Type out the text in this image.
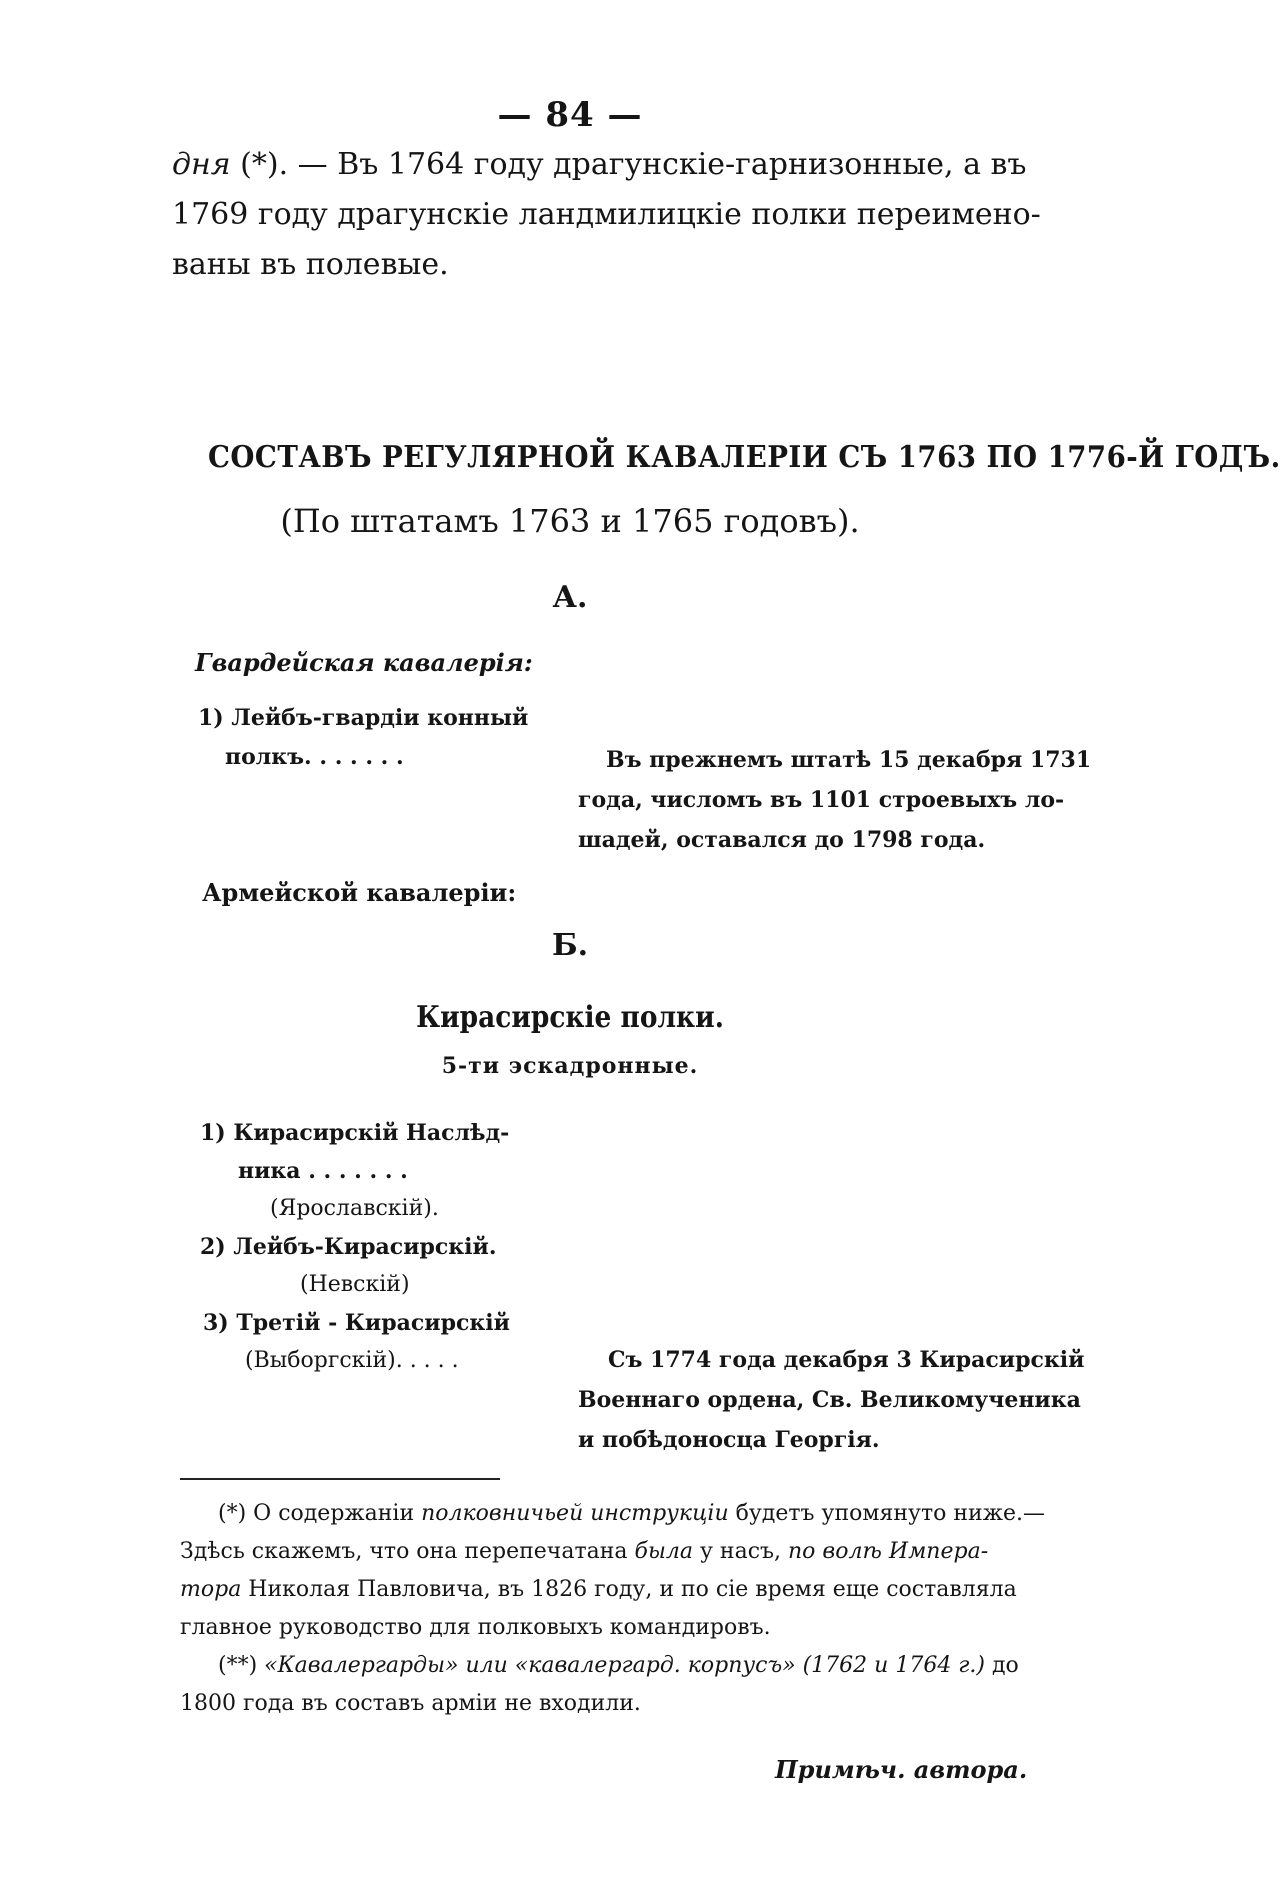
— 84 —
дня (*). — Въ 1764 году драгунскіе-гарнизонные, а въ
1769 году драгунскіе ландмилицкіе полки переимено-
ваны въ полевые.
СОСТАВЪ РЕГУЛЯРНОЙ КАВАЛЕРІИ СЪ 1763 ПО 1776-Й ГОДЪ.
(По штатамъ 1763 и 1765 годовъ).
А.
Гвардейская кавалерія:
1) Лейбъ-гвардіи конный
полкъ. . . . . . .	Въ прежнемъ штатѣ 15 декабря 1731
года, числомъ въ 1101 строевыхъ ло-
шадей, оставался до 1798 года.
Армейской кавалеріи:
Б.
Кирасирскіе полки.
5-ти эскадронные.
1) Кирасирскій Наслѣд-
ника . . . . . . .
(Ярославскій).
2) Лейбъ-Кирасирскій.
(Невскій)
3) Третій - Кирасирскій
(Выборгскій). . . . .	Съ 1774 года декабря 3 Кирасирскій
Военнаго ордена, Св. Великомученика
и побѣдоносца Георгія.
(*) О содержаніи полковничьей инструкціи будетъ упомянуто ниже.—
Здѣсь скажемъ, что она перепечатана была у насъ, по волѣ Импера-
тора Николая Павловича, въ 1826 году, и по сіе время еще составляла
главное руководство для полковыхъ командировъ.
(**) «Кавалергарды» или «кавалергард. корпусъ» (1762 и 1764 г.) до
1800 года въ составъ арміи не входили.
Примѣч. автора.
